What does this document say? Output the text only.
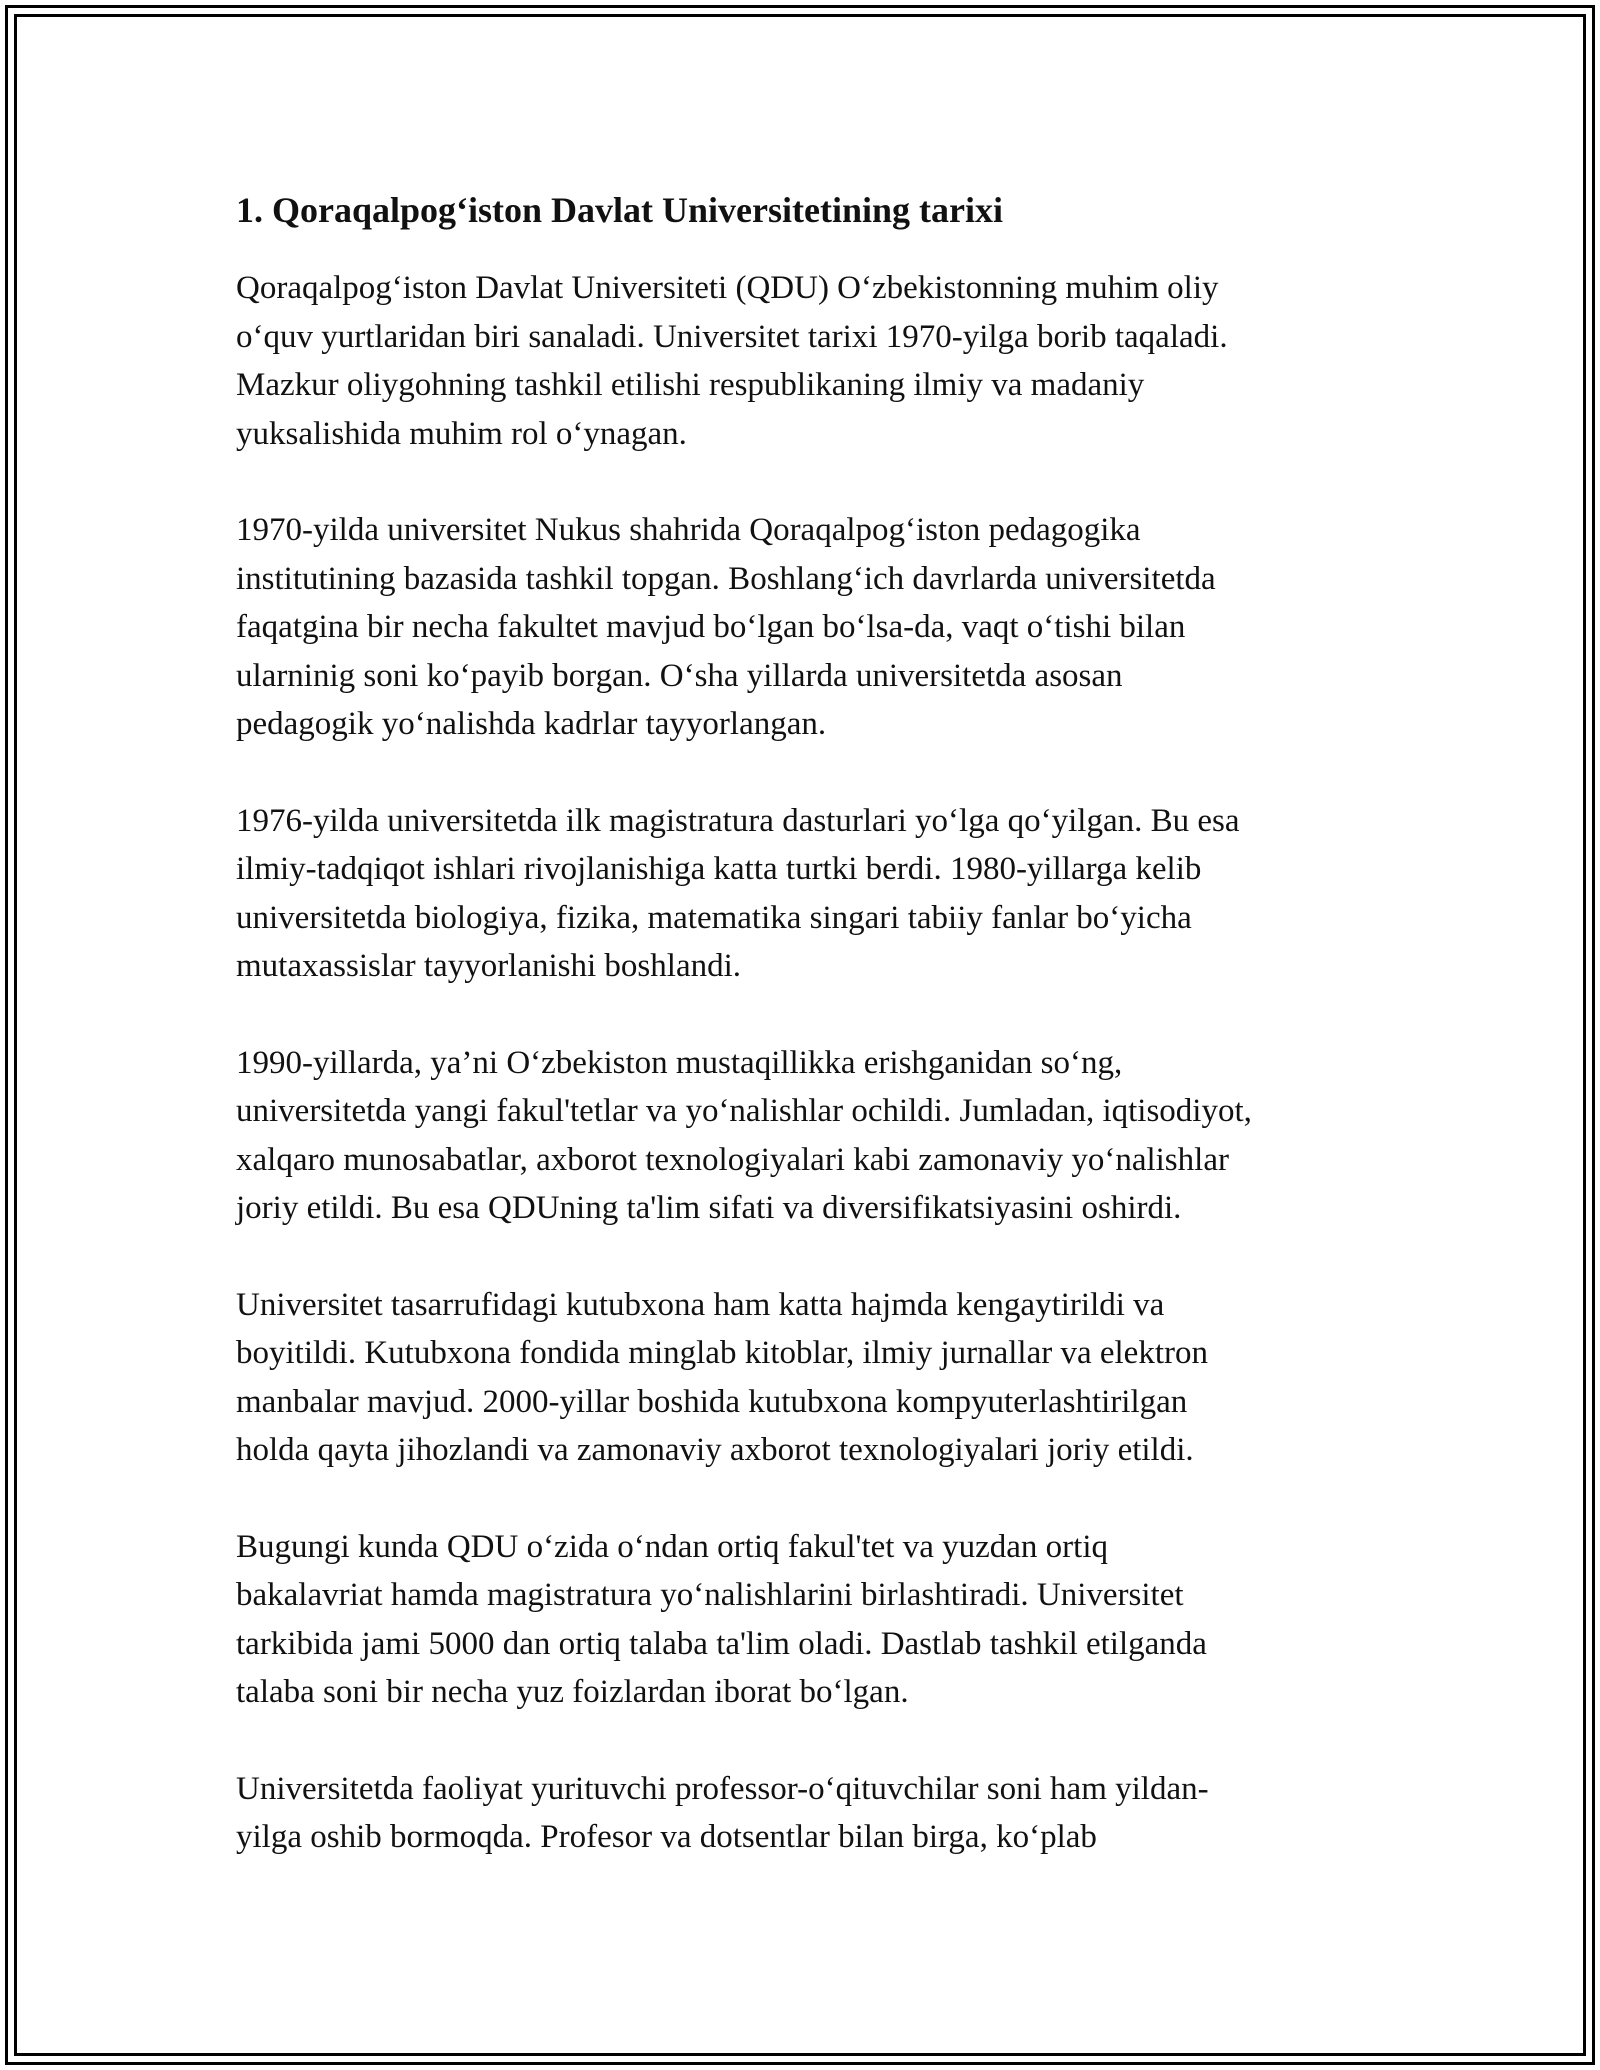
1. Qoraqalpog‘iston Davlat Universitetining tarixi

Qoraqalpog‘iston Davlat Universiteti (QDU) O‘zbekistonning muhim oliy
o‘quv yurtlaridan biri sanaladi. Universitet tarixi 1970-yilga borib taqaladi.
Mazkur oliygohning tashkil etilishi respublikaning ilmiy va madaniy
yuksalishida muhim rol o‘ynagan.

1970-yilda universitet Nukus shahrida Qoraqalpog‘iston pedagogika
institutining bazasida tashkil topgan. Boshlang‘ich davrlarda universitetda
faqatgina bir necha fakultet mavjud bo‘lgan bo‘lsa-da, vaqt o‘tishi bilan
ularninig soni ko‘payib borgan. O‘sha yillarda universitetda asosan
pedagogik yo‘nalishda kadrlar tayyorlangan.

1976-yilda universitetda ilk magistratura dasturlari yo‘lga qo‘yilgan. Bu esa
ilmiy-tadqiqot ishlari rivojlanishiga katta turtki berdi. 1980-yillarga kelib
universitetda biologiya, fizika, matematika singari tabiiy fanlar bo‘yicha
mutaxassislar tayyorlanishi boshlandi.

1990-yillarda, ya’ni O‘zbekiston mustaqillikka erishganidan so‘ng,
universitetda yangi fakul'tetlar va yo‘nalishlar ochildi. Jumladan, iqtisodiyot,
xalqaro munosabatlar, axborot texnologiyalari kabi zamonaviy yo‘nalishlar
joriy etildi. Bu esa QDUning ta'lim sifati va diversifikatsiyasini oshirdi.

Universitet tasarrufidagi kutubxona ham katta hajmda kengaytirildi va
boyitildi. Kutubxona fondida minglab kitoblar, ilmiy jurnallar va elektron
manbalar mavjud. 2000-yillar boshida kutubxona kompyuterlashtirilgan
holda qayta jihozlandi va zamonaviy axborot texnologiyalari joriy etildi.

Bugungi kunda QDU o‘zida o‘ndan ortiq fakul'tet va yuzdan ortiq
bakalavriat hamda magistratura yo‘nalishlarini birlashtiradi. Universitet
tarkibida jami 5000 dan ortiq talaba ta'lim oladi. Dastlab tashkil etilganda
talaba soni bir necha yuz foizlardan iborat bo‘lgan.

Universitetda faoliyat yurituvchi professor-o‘qituvchilar soni ham yildan-
yilga oshib bormoqda. Profesor va dotsentlar bilan birga, ko‘plab
